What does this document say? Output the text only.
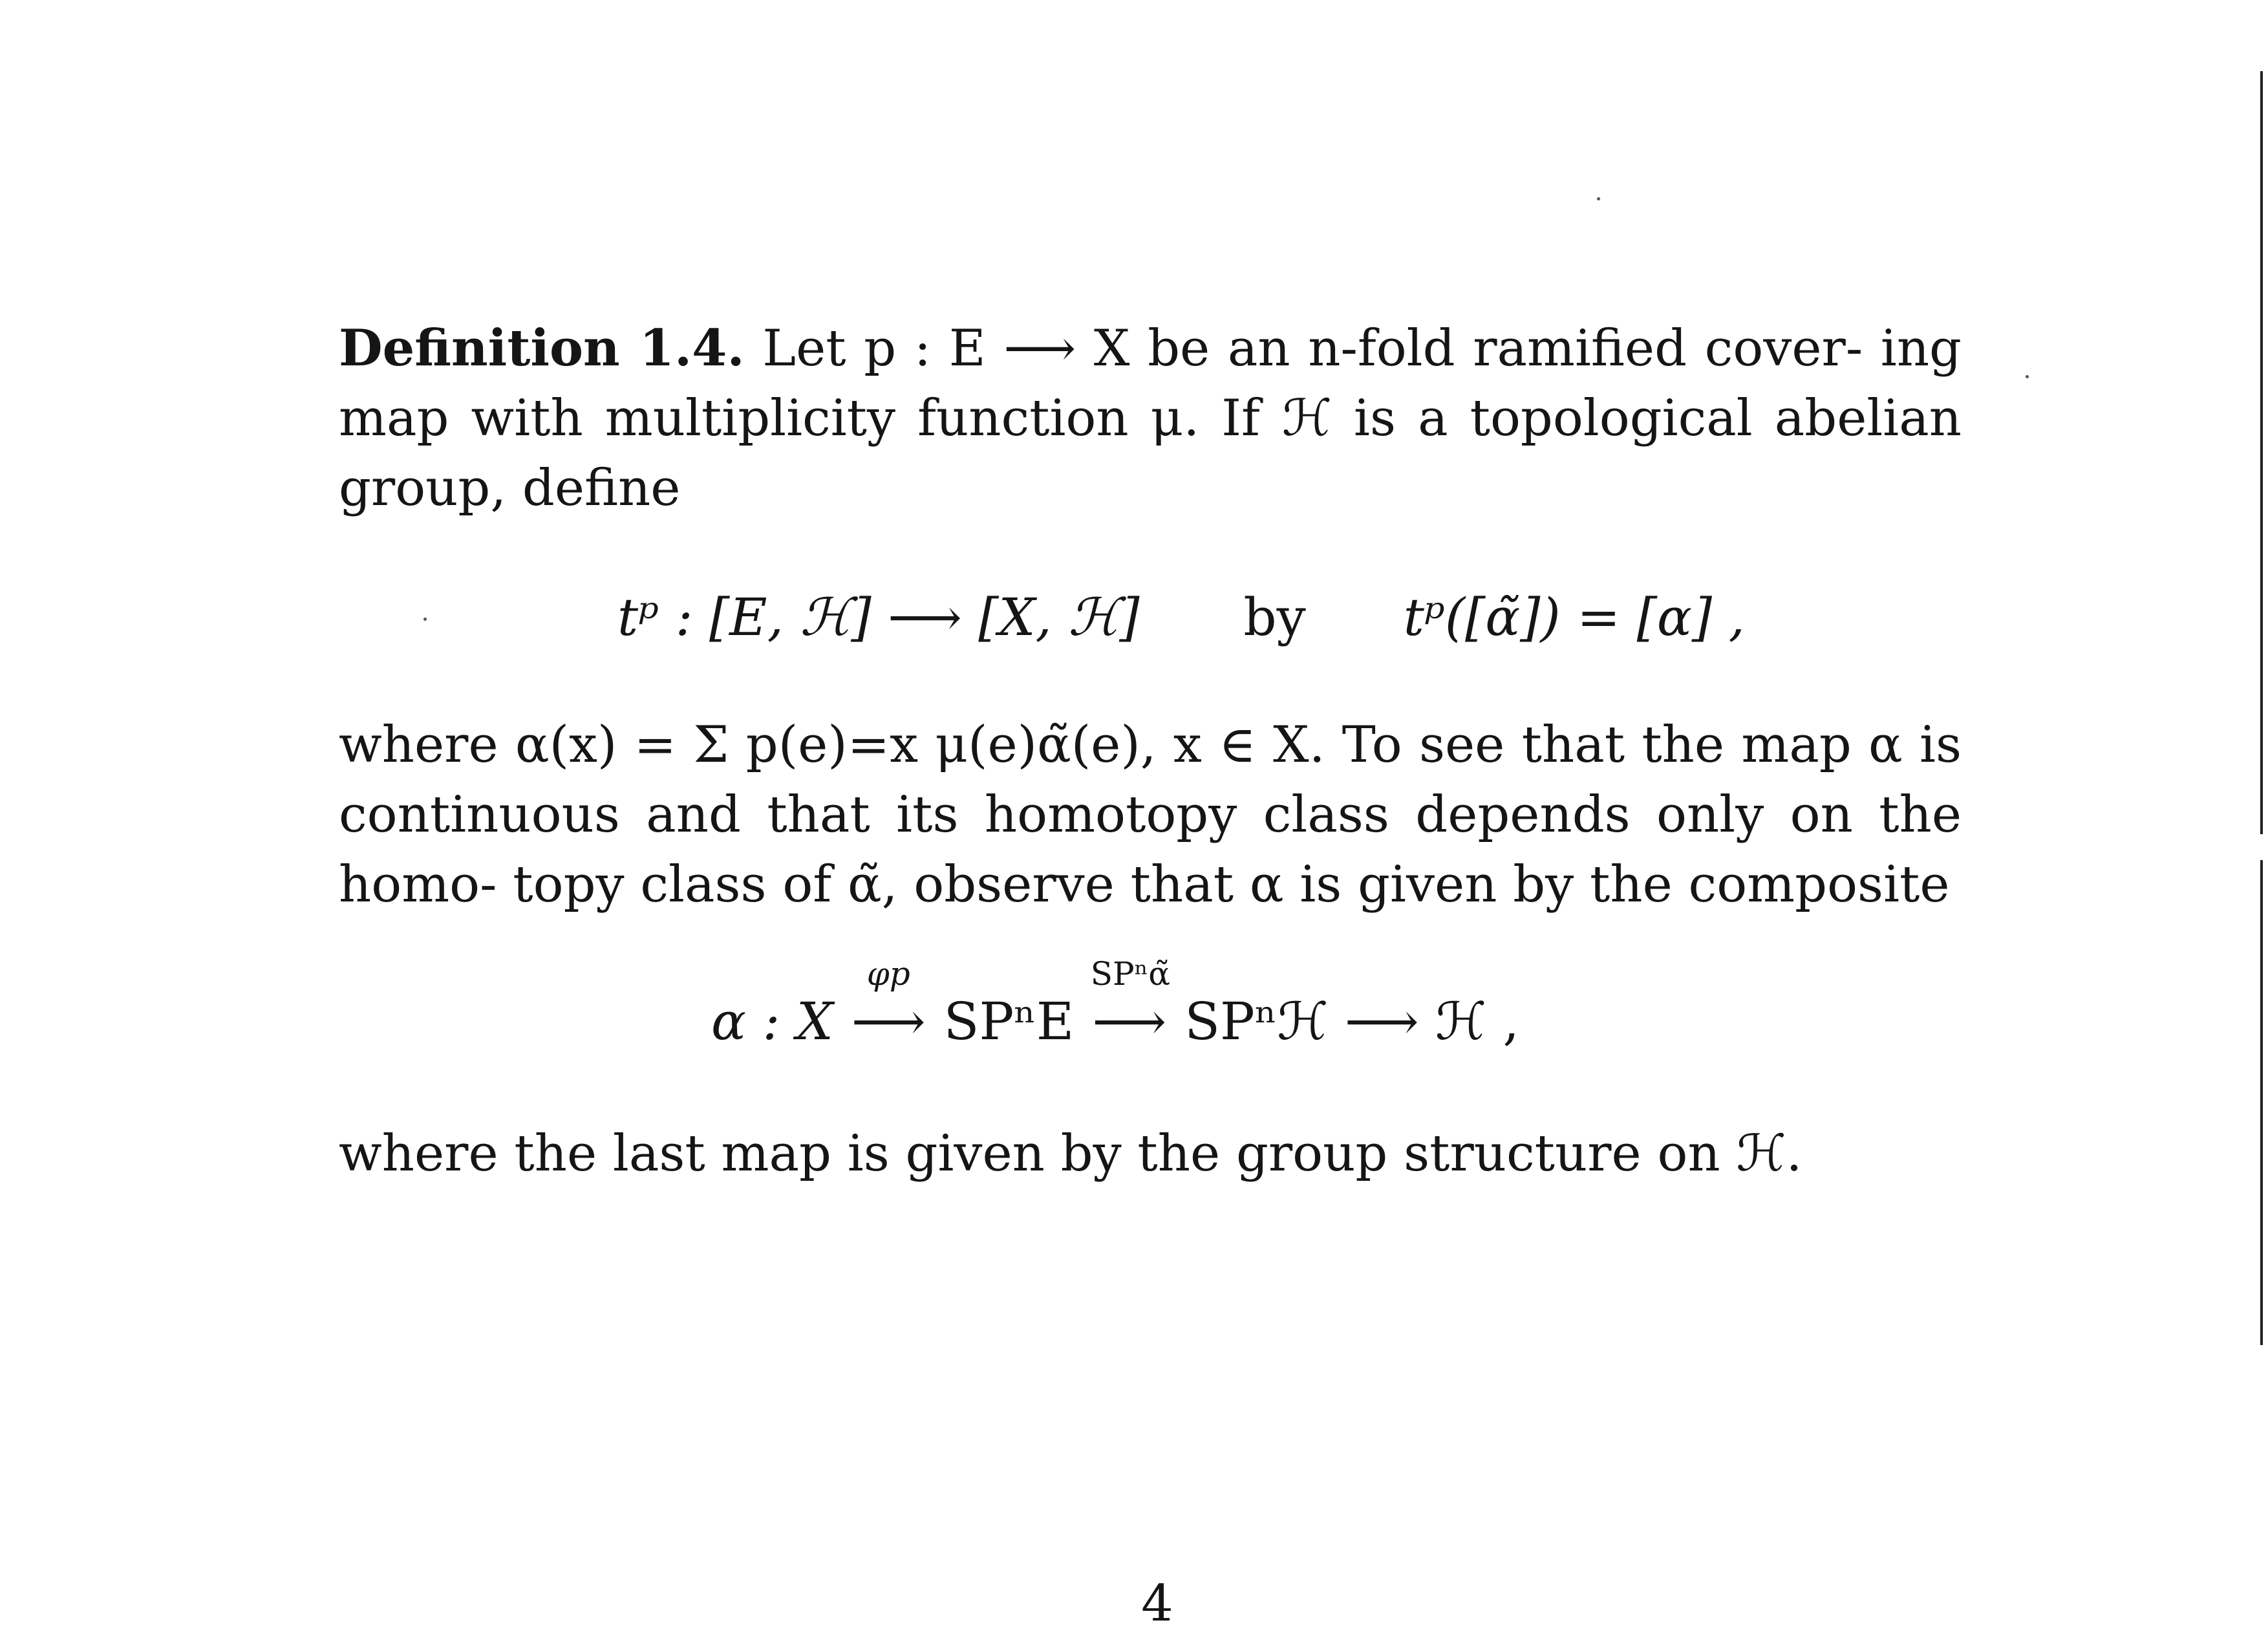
Definition 1.4. Let p : E ⟶ X be an n-fold ramified cover- ing map with multiplicity function μ. If ℋ is a topological abelian group, define
tᵖ : [E, ℋ] ⟶ [X, ℋ] by tᵖ([α̃]) = [α] ,
where α(x) = Σ p(e)=x μ(e)α̃(e), x ∈ X. To see that the map α is continuous and that its homotopy class depends only on the homo- topy class of α̃, observe that α is given by the composite
α : X
φp
⟶ SPⁿE
SPⁿα̃
⟶ SPⁿℋ ⟶ ℋ ,
where the last map is given by the group structure on ℋ.
4
